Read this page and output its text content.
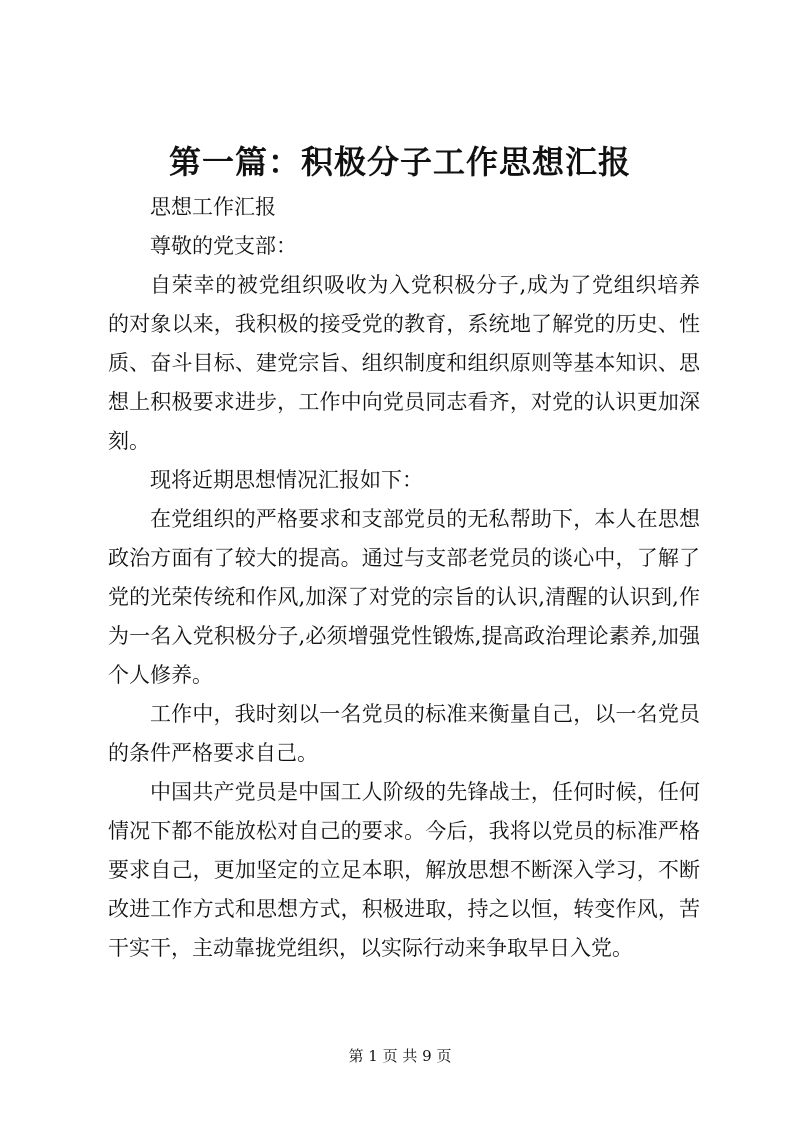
第一篇：积极分子工作思想汇报

思想工作汇报

尊敬的党支部：

自荣幸的被党组织吸收为入党积极分子,成为了党组织培养的对象以来，我积极的接受党的教育，系统地了解党的历史、性质、奋斗目标、建党宗旨、组织制度和组织原则等基本知识、思想上积极要求进步，工作中向党员同志看齐，对党的认识更加深刻。

现将近期思想情况汇报如下：

在党组织的严格要求和支部党员的无私帮助下，本人在思想政治方面有了较大的提高。通过与支部老党员的谈心中，了解了党的光荣传统和作风,加深了对党的宗旨的认识,清醒的认识到,作为一名入党积极分子,必须增强党性锻炼,提高政治理论素养,加强个人修养。

工作中，我时刻以一名党员的标准来衡量自己，以一名党员的条件严格要求自己。

中国共产党员是中国工人阶级的先锋战士，任何时候，任何情况下都不能放松对自己的要求。今后，我将以党员的标准严格要求自己，更加坚定的立足本职，解放思想不断深入学习，不断改进工作方式和思想方式，积极进取，持之以恒，转变作风，苦干实干，主动靠拢党组织，以实际行动来争取早日入党。

第 1 页 共 9 页
